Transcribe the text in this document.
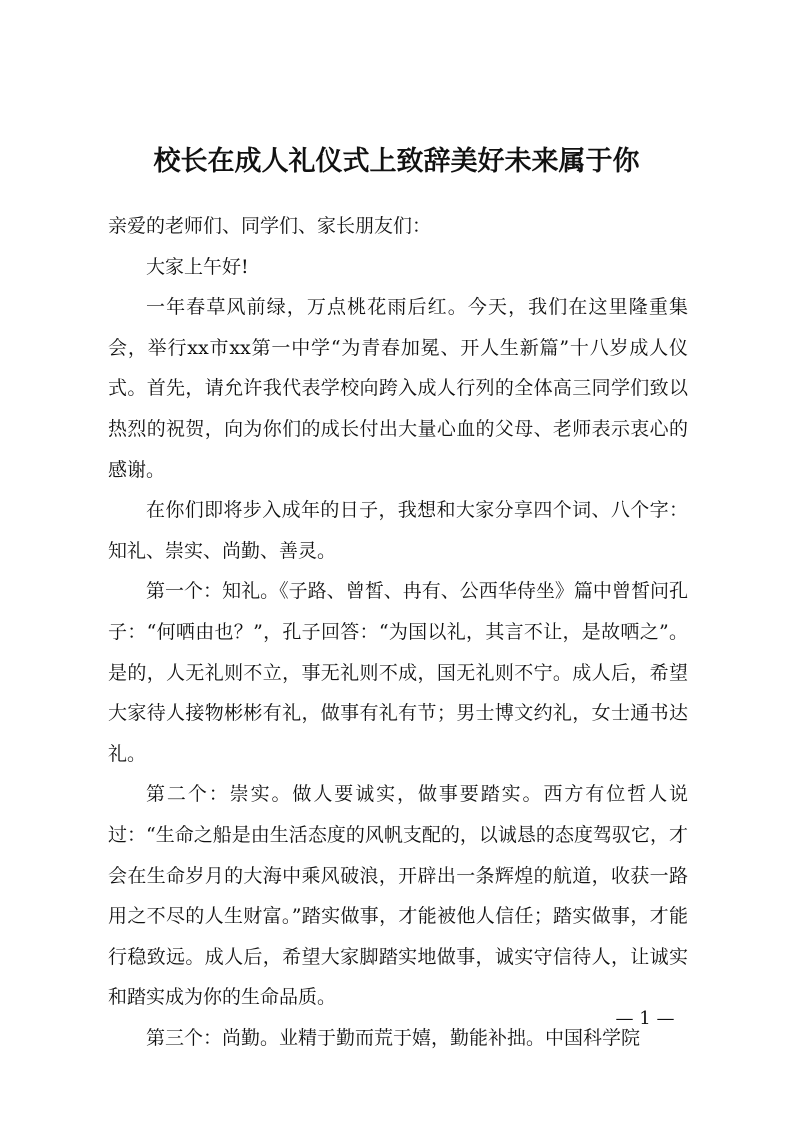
校长在成人礼仪式上致辞美好未来属于你

亲爱的老师们、同学们、家长朋友们：

大家上午好!

一年春草风前绿，万点桃花雨后红。今天，我们在这里隆重集会，举行xx市xx第一中学“为青春加冕、开人生新篇”十八岁成人仪式。首先，请允许我代表学校向跨入成人行列的全体高三同学们致以热烈的祝贺，向为你们的成长付出大量心血的父母、老师表示衷心的感谢。

在你们即将步入成年的日子，我想和大家分享四个词、八个字：知礼、崇实、尚勤、善灵。

第一个：知礼。《子路、曾皙、冉有、公西华侍坐》篇中曾皙问孔子：“何哂由也？”，孔子回答：“为国以礼，其言不让，是故哂之”。是的，人无礼则不立，事无礼则不成，国无礼则不宁。成人后，希望大家待人接物彬彬有礼，做事有礼有节；男士博文约礼，女士通书达礼。

第二个：崇实。做人要诚实，做事要踏实。西方有位哲人说过：“生命之船是由生活态度的风帆支配的，以诚恳的态度驾驭它，才会在生命岁月的大海中乘风破浪，开辟出一条辉煌的航道，收获一路用之不尽的人生财富。”踏实做事，才能被他人信任；踏实做事，才能行稳致远。成人后，希望大家脚踏实地做事，诚实守信待人，让诚实和踏实成为你的生命品质。

第三个：尚勤。业精于勤而荒于嬉，勤能补拙。中国科学院

— 1 —
